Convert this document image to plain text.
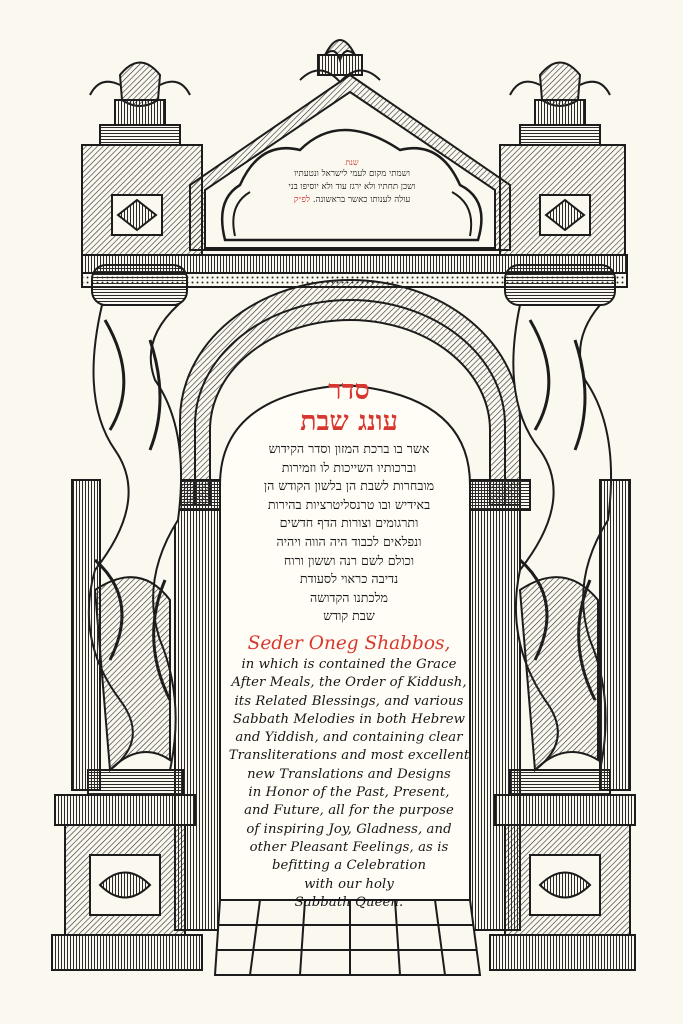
שנת
ושמתי מקום לעמי לישראל ונטעתיו
ושכן תחתיו ולא ירגז עוד ולא יוסיפו בני
עולה לענותו כאשר בראשונה. לפ״ק
סדר
עונג שבת
אשר בו ברכת המזון וסדר הקידוש
וברכותיו השייכות לו וזמירות
מובחרות לשבת הן בלשון הקודש הן
באידיש ובו טרנסליטרציות בהירות
ותרגומים וצורות הדף חדשים
ונפלאים לכבוד היה הווה ויהיה
וכולם לשם רנה וששון ורוח
נדיבה כראוי לסעודת
מלכתנו הקדושה
שבת קודש
Seder Oneg Shabbos,
in which is contained the Grace
After Meals, the Order of Kiddush,
its Related Blessings, and various
Sabbath Melodies in both Hebrew
and Yiddish, and containing clear
Transliterations and most excellent
new Translations and Designs
in Honor of the Past, Present,
and Future, all for the purpose
of inspiring Joy, Gladness, and
other Pleasant Feelings, as is
befitting a Celebration
with our holy
Sabbath Queen.
